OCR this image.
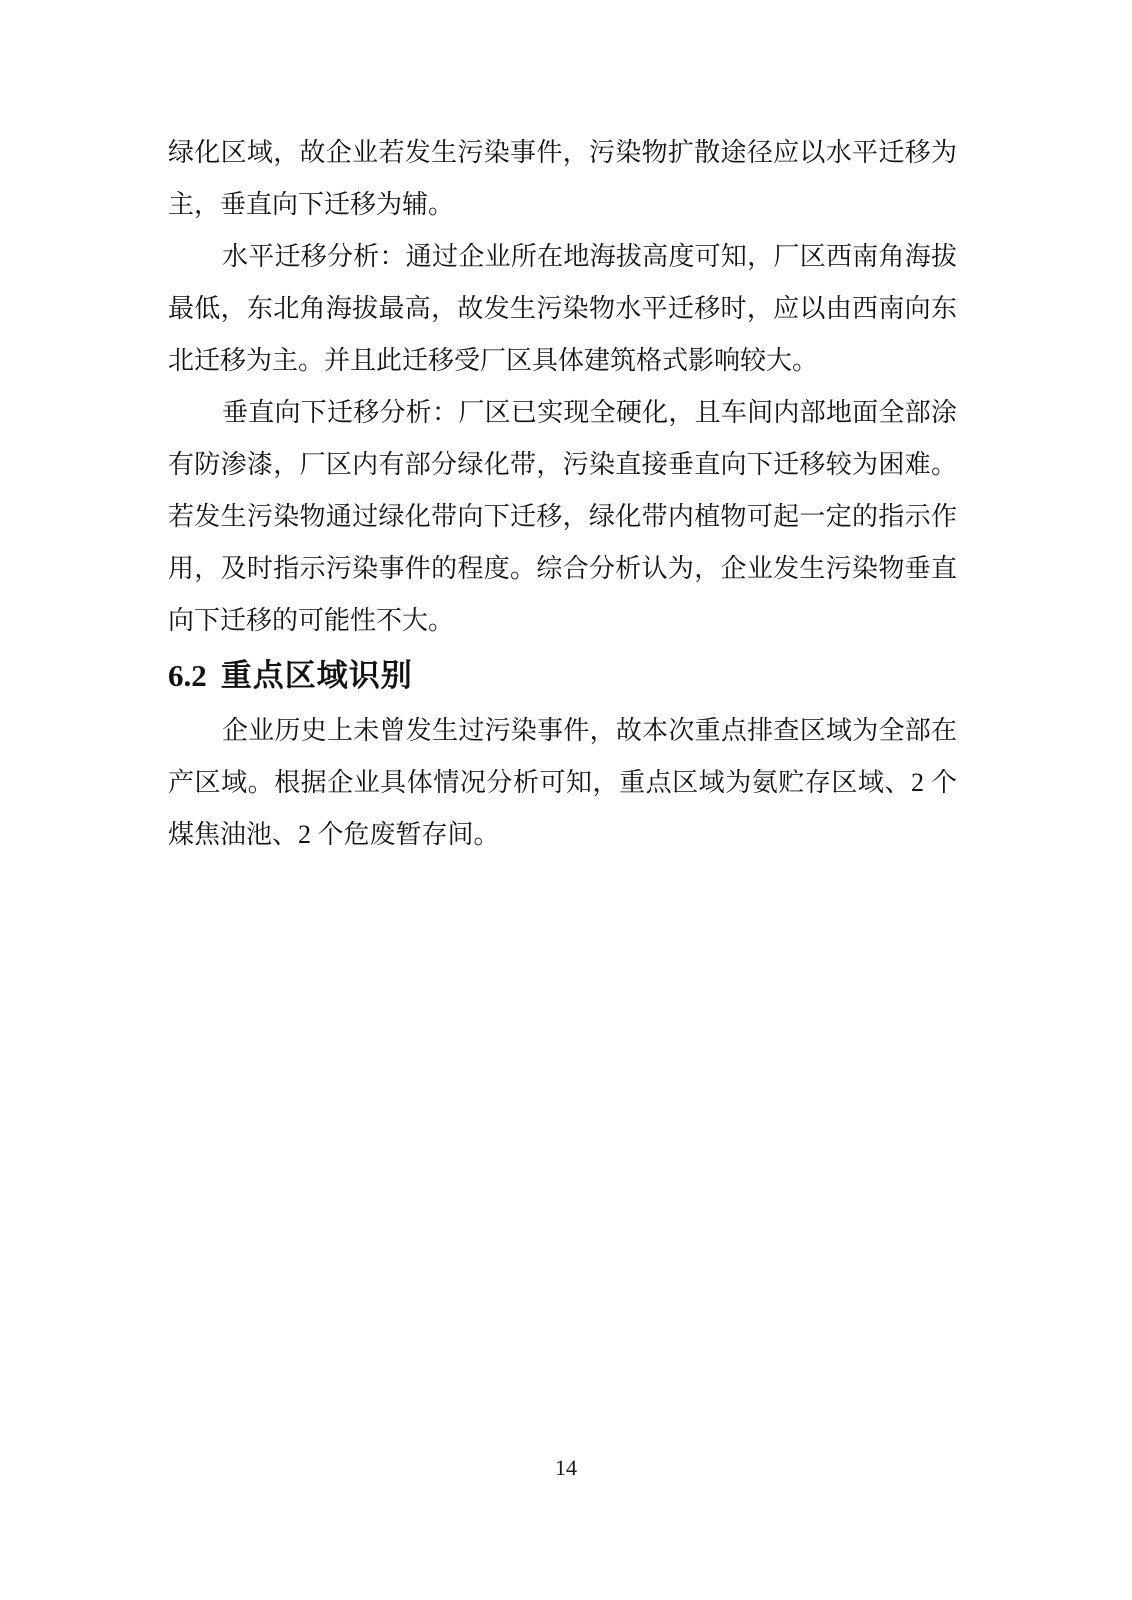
绿化区域，故企业若发生污染事件，污染物扩散途径应以水平迁移为
主，垂直向下迁移为辅。
水平迁移分析：通过企业所在地海拔高度可知，厂区西南角海拔
最低，东北角海拔最高，故发生污染物水平迁移时，应以由西南向东
北迁移为主。并且此迁移受厂区具体建筑格式影响较大。
垂直向下迁移分析：厂区已实现全硬化，且车间内部地面全部涂
有防渗漆，厂区内有部分绿化带，污染直接垂直向下迁移较为困难。
若发生污染物通过绿化带向下迁移，绿化带内植物可起一定的指示作
用，及时指示污染事件的程度。综合分析认为，企业发生污染物垂直
向下迁移的可能性不大。
6.2 重点区域识别
企业历史上未曾发生过污染事件，故本次重点排查区域为全部在
产区域。根据企业具体情况分析可知，重点区域为氨贮存区域、2 个
煤焦油池、2 个危废暂存间。
14
